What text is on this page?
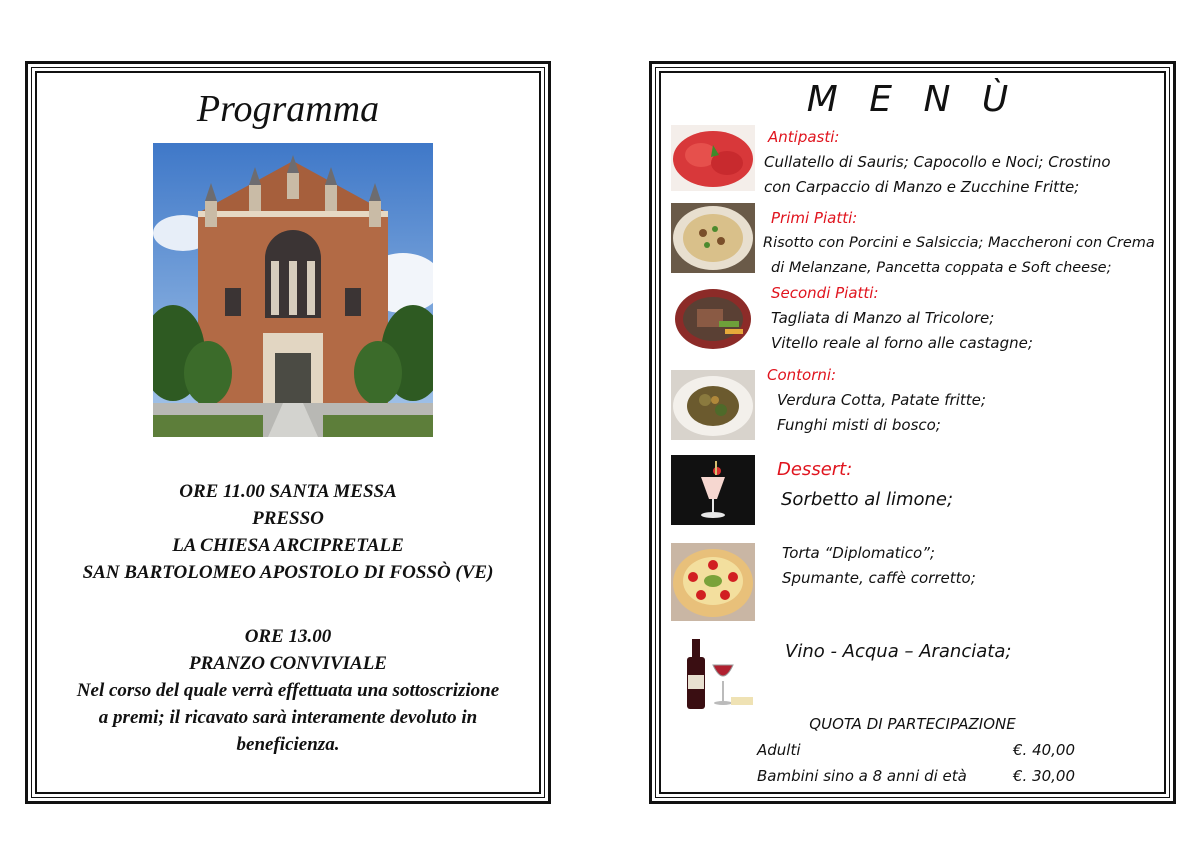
Programma
ORE 11.00 SANTA MESSA
PRESSO
LA CHIESA ARCIPRETALE
SAN BARTOLOMEO APOSTOLO DI FOSSÒ (VE)
ORE 13.00
PRANZO CONVIVIALE
Nel corso del quale verrà effettuata una sottoscrizione
a premi; il ricavato sarà interamente devoluto in
beneficienza.
M E N Ù
Antipasti:
Cullatello di Sauris; Capocollo e Noci; Crostino
con Carpaccio di Manzo e Zucchine Fritte;
Primi Piatti:
Risotto con Porcini e Salsiccia; Maccheroni con Crema
di Melanzane, Pancetta coppata e Soft cheese;
Secondi Piatti:
Tagliata di Manzo al Tricolore;
Vitello reale al forno alle castagne;
Contorni:
Verdura Cotta, Patate fritte;
Funghi misti di bosco;
Dessert:
Sorbetto al limone;
Torta “Diplomatico”;
Spumante, caffè corretto;
Vino - Acqua – Aranciata;
QUOTA DI PARTECIPAZIONE
Adulti	€. 40,00
Bambini sino a 8 anni di età	€. 30,00
